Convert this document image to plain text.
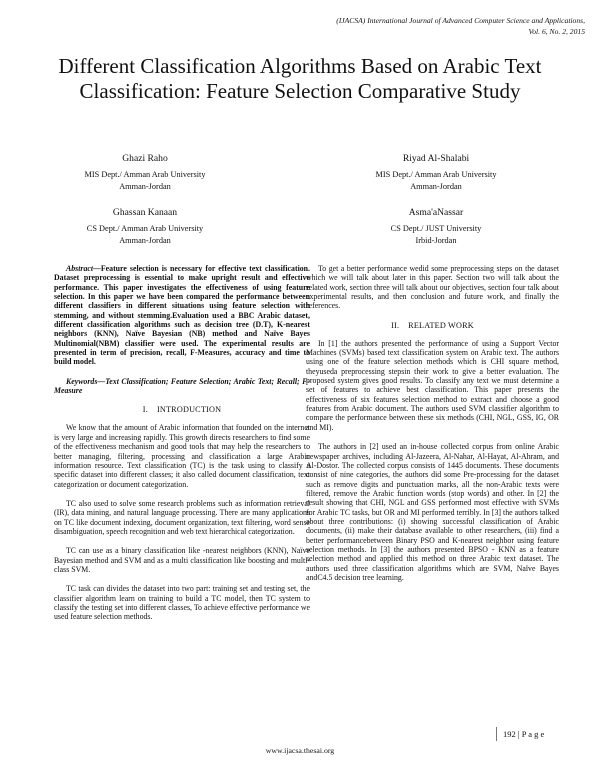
(IJACSA) International Journal of Advanced Computer Science and Applications,
Vol. 6, No. 2, 2015
Different Classification Algorithms Based on Arabic Text Classification: Feature Selection Comparative Study
Ghazi Raho
MIS Dept./ Amman Arab University
Amman-Jordan
Riyad Al-Shalabi
MIS Dept./ Amman Arab University
Amman-Jordan
Ghassan Kanaan
CS Dept./ Amman Arab University
Amman-Jordan
Asma'aNassar
CS Dept./ JUST University
Irbid-Jordan

Abstract—Feature selection is necessary for effective text classification. Dataset preprocessing is essential to make upright result and effective performance. This paper investigates the effectiveness of using feature selection. In this paper we have been compared the performance between different classifiers in different situations using feature selection with stemming, and without stemming.Evaluation used a BBC Arabic dataset, different classification algorithms such as decision tree (D.T), K-nearest neighbors (KNN), Naïve Bayesian (NB) method and Naïve Bayes Multinomial(NBM) classifier were used. The experimental results are presented in term of precision, recall, F-Measures, accuracy and time to build model.

Keywords—Text Classification; Feature Selection; Arabic Text; Recall; F-Measure

I.    I​NTRODUCTION

We know that the amount of Arabic information that founded on the internet is very large and increasing rapidly. This growth directs researchers to find some of the effectiveness mechanism and good tools that may help the researchers to better managing, filtering, processing and classification a large Arabic information resource. Text classification (TC) is the task using to classify a specific dataset into different classes; it also called document classification, text categorization or document categorization.

TC also used to solve some research problems such as information retrieval (IR), data mining, and natural language processing. There are many applications on TC like document indexing, document organization, text filtering, word sense disambiguation, speech recognition and web text hierarchical categorization.

TC can use as a binary classification like -nearest neighbors (KNN), Naïve Bayesian method and SVM and as a multi classification like boosting and multi-class SVM.

TC task can divides the dataset into two part: training set and testing set, the classifier algorithm learn on training to build a TC model, then TC system to classify the testing set into different classes, To achieve effective performance we used feature selection methods.

To get a better performance wedid some preprocessing steps on the dataset which we will talk about later in this paper. Section two will talk about the related work, section three will talk about our objectives, section four talk about experimental results, and then conclusion and future work, and finally the references.

II.    R​ELATED W​ORK

In [1] the authors presented the performance of using a Support Vector Machines (SVMs) based text classification system on Arabic text. The authors using one of the feature selection methods which is CHI square method, theyuseda preprocessing stepsin their work to give a better evaluation. The proposed system gives good results. To classify any text we must determine a set of features to achieve best classification. This paper presents the effectiveness of six features selection method to extract and choose a good features from Arabic document. The authors used SVM classifier algorithm to compare the performance between these six methods (CHI, NGL, GSS, IG, OR and MI).

The authors in [2] used an in-house collected corpus from online Arabic newspaper archives, including Al-Jazeera, Al-Nahar, Al-Hayat, Al-Ahram, and Al-Dostor. The collected corpus consists of 1445 documents. These documents consist of nine categories, the authors did some Pre-processing for the dataset such as remove digits and punctuation marks, all the non-Arabic texts were filtered, remove the Arabic function words (stop words) and other. In [2] the result showing that CHI, NGL and GSS performed most effective with SVMs for Arabic TC tasks, but OR and MI performed terribly. In [3] the authors talked about three contributions: (i) showing successful classification of Arabic documents, (ii) make their database available to other researchers, (iii) find a better performancebetween Binary PSO and K-nearest neighbor using feature selection methods. In [3] the authors presented BPSO - KNN as a feature selection method and applied this method on three Arabic text dataset. The authors used three classification algorithms which are SVM, Naïve Bayes andC4.5 decision tree learning.

192 | P a g e
www.ijacsa.thesai.org
